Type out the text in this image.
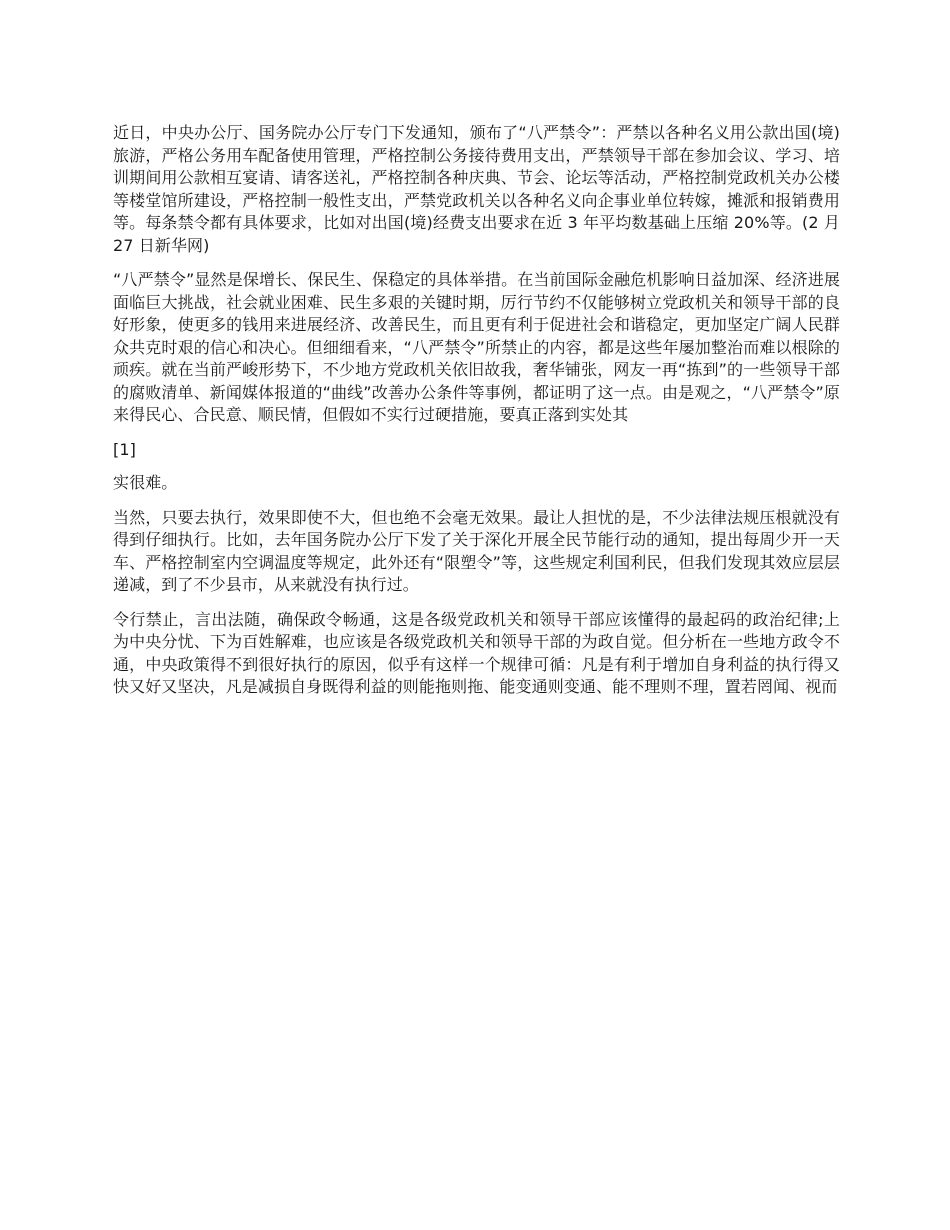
近日，中央办公厅、国务院办公厅专门下发通知，颁布了“八严禁令”：严禁以各种名义用公款出国(境)旅游，严格公务用车配备使用管理，严格控制公务接待费用支出，严禁领导干部在参加会议、学习、培训期间用公款相互宴请、请客送礼，严格控制各种庆典、节会、论坛等活动，严格控制党政机关办公楼等楼堂馆所建设，严格控制一般性支出，严禁党政机关以各种名义向企事业单位转嫁，摊派和报销费用等。每条禁令都有具体要求，比如对出国(境)经费支出要求在近 3 年平均数基础上压缩 20%等。(2 月 27 日新华网)

“八严禁令”显然是保增长、保民生、保稳定的具体举措。在当前国际金融危机影响日益加深、经济进展面临巨大挑战，社会就业困难、民生多艰的关键时期，厉行节约不仅能够树立党政机关和领导干部的良好形象，使更多的钱用来进展经济、改善民生，而且更有利于促进社会和谐稳定，更加坚定广阔人民群众共克时艰的信心和决心。但细细看来，“八严禁令”所禁止的内容，都是这些年屡加整治而难以根除的顽疾。就在当前严峻形势下，不少地方党政机关依旧故我，奢华铺张，网友一再“拣到”的一些领导干部的腐败清单、新闻媒体报道的“曲线”改善办公条件等事例，都证明了这一点。由是观之，“八严禁令”原来得民心、合民意、顺民情，但假如不实行过硬措施，要真正落到实处其

[1]

实很难。

当然，只要去执行，效果即使不大，但也绝不会毫无效果。最让人担忧的是，不少法律法规压根就没有得到仔细执行。比如，去年国务院办公厅下发了关于深化开展全民节能行动的通知，提出每周少开一天车、严格控制室内空调温度等规定，此外还有“限塑令”等，这些规定利国利民，但我们发现其效应层层递减，到了不少县市，从来就没有执行过。

令行禁止，言出法随，确保政令畅通，这是各级党政机关和领导干部应该懂得的最起码的政治纪律;上为中央分忧、下为百姓解难，也应该是各级党政机关和领导干部的为政自觉。但分析在一些地方政令不通，中央政策得不到很好执行的原因，似乎有这样一个规律可循：凡是有利于增加自身利益的执行得又快又好又坚决，凡是减损自身既得利益的则能拖则拖、能变通则变通、能不理则不理，置若罔闻、视而
